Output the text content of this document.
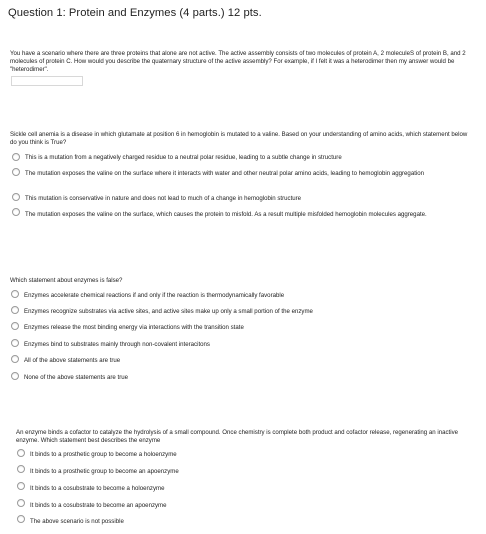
Question 1: Protein and Enzymes (4 parts.) 12 pts.
You have a scenario where there are three proteins that alone are not active. The active assembly consists of two molecules of protein A, 2 moleculeS of protein B, and 2 molecules of protein C. How would you describe the quaternary structure of the active assembly? For example, if I felt it was a heterodimer then my answer would be "heterodimer".
Sickle cell anemia is a disease in which glutamate at position 6 in hemoglobin is mutated to a valine. Based on your understanding of amino acids, which statement below do you think is True?
This is a mutation from a negatively charged residue to a neutral polar residue, leading to a subtle change in structure
The mutation exposes the valine on the surface where it interacts with water and other neutral polar amino acids, leading to hemoglobin aggregation
This mutation is conservative in nature and does not lead to much of a change in hemoglobin structure
The mutation exposes the valine on the surface, which causes the protein to misfold. As a result multiple misfolded hemoglobin molecules aggregate.
Which statement about enzymes is false?
Enzymes accelerate chemical reactions if and only if the reaction is thermodynamically favorable
Enzymes recognize substrates via active sites, and active sites make up only a small portion of the enzyme
Enzymes release the most binding energy via interactions with the transition state
Enzymes bind to substrates mainly through non-covalent interacitons
All of the above statements are true
None of the above statements are true
An enzyme binds a cofactor to catalyze the hydrolysis of a small compound. Once chemistry is complete both product and cofactor release, regenerating an inactive enzyme. Which statement best describes the enzyme
It binds to a prosthetic group to become a holoenzyme
It binds to a prosthetic group to become an apoenzyme
It binds to a cosubstrate to become a holoenzyme
It binds to a cosubstrate to become an apoenzyme
The above scenario is not possible
